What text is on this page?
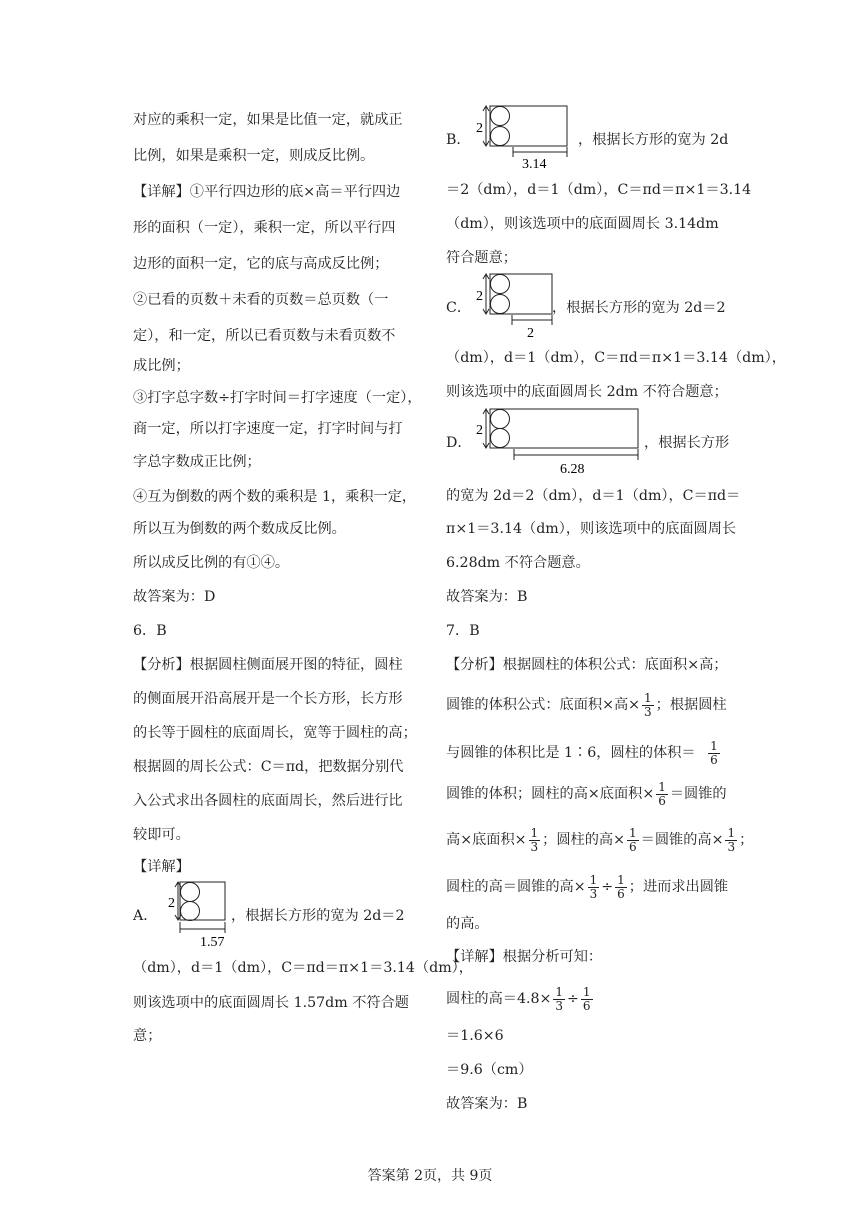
对应的乘积一定，如果是比值一定，就成正
比例，如果是乘积一定，则成反比例。
【详解】①平行四边形的底×高＝平行四边
形的面积（一定），乘积一定，所以平行四
边形的面积一定，它的底与高成反比例；
②已看的页数＋未看的页数＝总页数（一
定），和一定，所以已看页数与未看页数不
成比例；
③打字总字数÷打字时间＝打字速度（一定），
商一定，所以打字速度一定，打字时间与打
字总字数成正比例；
④互为倒数的两个数的乘积是 1，乘积一定，
所以互为倒数的两个数成反比例。
所以成反比例的有①④。
故答案为：D
6．B
【分析】根据圆柱侧面展开图的特征，圆柱
的侧面展开沿高展开是一个长方形，长方形
的长等于圆柱的底面周长，宽等于圆柱的高；
根据圆的周长公式：C＝πd，把数据分别代
入公式求出各圆柱的底面周长，然后进行比
较即可。
【详解】
A．
2
1.57
，根据长方形的宽为 2d＝2
（dm），d＝1（dm），C＝πd＝π×1＝3.14（dm），
则该选项中的底面圆周长 1.57dm 不符合题
意；
B．
2
3.14
，根据长方形的宽为 2d
＝2（dm），d＝1（dm），C＝πd＝π×1＝3.14
（dm），则该选项中的底面圆周长 3.14dm
符合题意；
C．
2
2
，根据长方形的宽为 2d＝2
（dm），d＝1（dm），C＝πd＝π×1＝3.14（dm），
则该选项中的底面圆周长 2dm 不符合题意；
D．
2
6.28
，根据长方形
的宽为 2d＝2（dm），d＝1（dm），C＝πd＝
π×1＝3.14（dm），则该选项中的底面圆周长
6.28dm 不符合题意。
故答案为：B
7．B
【分析】根据圆柱的体积公式：底面积×高；
圆锥的体积公式：底面积×高× $\frac{1}{3}$ ；根据圆柱
与圆锥的体积比是 1∶6，圆柱的体积＝ $\frac{1}{6}$
圆锥的体积；圆柱的高×底面积× $\frac{1}{6}$ ＝圆锥的
高×底面积× $\frac{1}{3}$ ；圆柱的高× $\frac{1}{6}$ ＝圆锥的高× $\frac{1}{3}$ ；
圆柱的高＝圆锥的高× $\frac{1}{3} \div \frac{1}{6}$ ；进而求出圆锥
的高。
【详解】根据分析可知：
圆柱的高$=4.8\times \frac{1}{3} \div \frac{1}{6}$
＝1.6×6
＝9.6（cm）
故答案为：B
答案第 2页，共 9页
